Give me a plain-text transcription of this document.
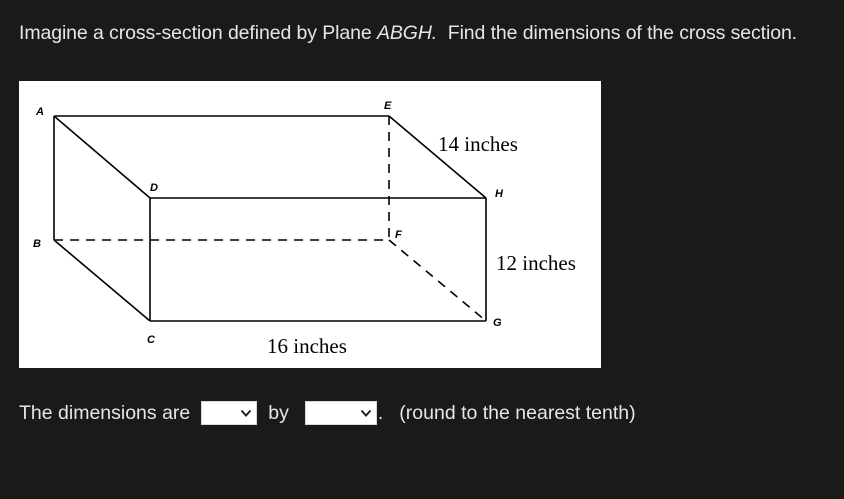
Imagine a cross-section defined by Plane ABGH.  Find the dimensions of the cross section.
A
B
C
D
E
F
G
H
14 inches
12 inches
16 inches
The dimensions are	by	. (round to the nearest tenth)
